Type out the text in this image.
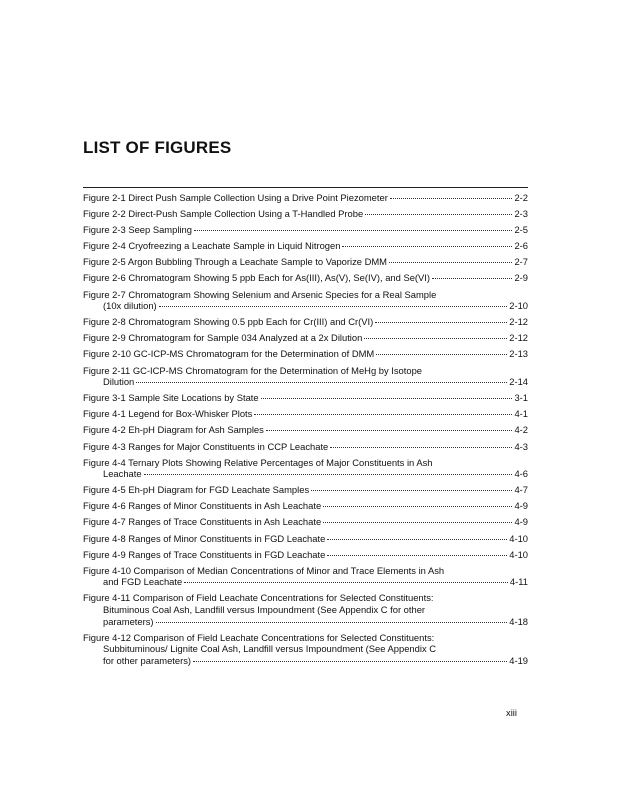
LIST OF FIGURES
Figure 2-1 Direct Push Sample Collection Using a Drive Point Piezometer	2-2
Figure 2-2 Direct-Push Sample Collection Using a T-Handled Probe	2-3
Figure 2-3 Seep Sampling	2-5
Figure 2-4 Cryofreezing a Leachate Sample in Liquid Nitrogen	2-6
Figure 2-5 Argon Bubbling Through a Leachate Sample to Vaporize DMM	2-7
Figure 2-6 Chromatogram Showing 5 ppb Each for As(III), As(V), Se(IV), and Se(VI)	2-9
Figure 2-7 Chromatogram Showing Selenium and Arsenic Species for a Real Sample
(10x dilution)	2-10
Figure 2-8 Chromatogram Showing 0.5 ppb Each for Cr(III) and Cr(VI)	2-12
Figure 2-9 Chromatogram for Sample 034 Analyzed at a 2x Dilution	2-12
Figure 2-10 GC-ICP-MS Chromatogram for the Determination of DMM	2-13
Figure 2-11 GC-ICP-MS Chromatogram for the Determination of MeHg by Isotope
Dilution	2-14
Figure 3-1 Sample Site Locations by State	3-1
Figure 4-1 Legend for Box-Whisker Plots	4-1
Figure 4-2 Eh-pH Diagram for Ash Samples	4-2
Figure 4-3 Ranges for Major Constituents in CCP Leachate	4-3
Figure 4-4 Ternary Plots Showing Relative Percentages of Major Constituents in Ash
Leachate	4-6
Figure 4-5 Eh-pH Diagram for FGD Leachate Samples	4-7
Figure 4-6 Ranges of Minor Constituents in Ash Leachate	4-9
Figure 4-7 Ranges of Trace Constituents in Ash Leachate	4-9
Figure 4-8 Ranges of Minor Constituents in FGD Leachate	4-10
Figure 4-9 Ranges of Trace Constituents in FGD Leachate	4-10
Figure 4-10 Comparison of Median Concentrations of Minor and Trace Elements in Ash
and FGD Leachate	4-11
Figure 4-11 Comparison of Field Leachate Concentrations for Selected Constituents:
Bituminous Coal Ash, Landfill versus Impoundment (See Appendix C for other
parameters)	4-18
Figure 4-12 Comparison of Field Leachate Concentrations for Selected Constituents:
Subbituminous/ Lignite Coal Ash, Landfill versus Impoundment (See Appendix C
for other parameters)	4-19
xiii
